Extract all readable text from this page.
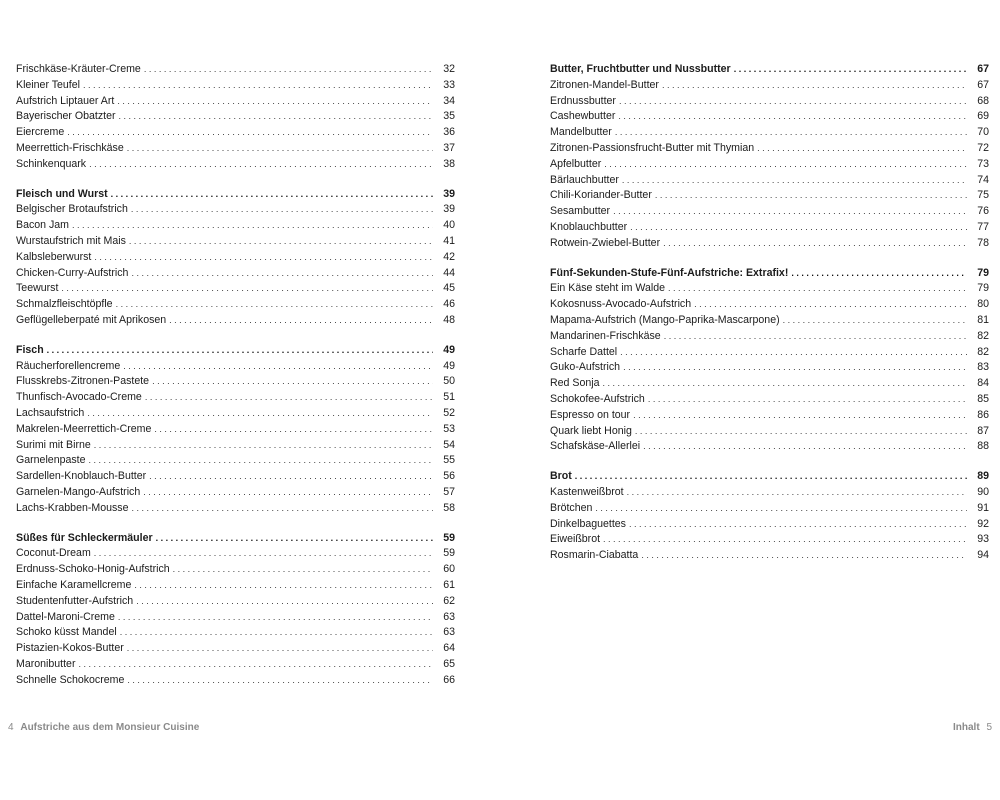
Frischkäse-Kräuter-Creme . . .	32
Kleiner Teufel . . .	33
Aufstrich Liptauer Art . . .	34
Bayerischer Obatzter . . .	35
Eiercreme . . .	36
Meerrettich-Frischkäse . . .	37
Schinkenquark . . .	38
Fleisch und Wurst . . .	39
Belgischer Brotaufstrich . . .	39
Bacon Jam . . .	40
Wurstaufstrich mit Mais . . .	41
Kalbsleberwurst . . .	42
Chicken-Curry-Aufstrich . . .	44
Teewurst . . .	45
Schmalzfleischtöpfle . . .	46
Geflügelleberpaté mit Aprikosen . . .	48
Fisch . . .	49
Räucherforellencreme . . .	49
Flusskrebs-Zitronen-Pastete . . .	50
Thunfisch-Avocado-Creme . . .	51
Lachsaufstrich . . .	52
Makrelen-Meerrettich-Creme . . .	53
Surimi mit Birne . . .	54
Garnelenpaste . . .	55
Sardellen-Knoblauch-Butter . . .	56
Garnelen-Mango-Aufstrich . . .	57
Lachs-Krabben-Mousse . . .	58
Süßes für Schleckermäuler . . .	59
Coconut-Dream . . .	59
Erdnuss-Schoko-Honig-Aufstrich . . .	60
Einfache Karamellcreme . . .	61
Studentenfutter-Aufstrich . . .	62
Dattel-Maroni-Creme . . .	63
Schoko küsst Mandel . . .	63
Pistazien-Kokos-Butter . . .	64
Maronibutter . . .	65
Schnelle Schokocreme . . .	66
Butter, Fruchtbutter und Nussbutter . . .	67
Zitronen-Mandel-Butter . . .	67
Erdnussbutter . . .	68
Cashewbutter . . .	69
Mandelbutter . . .	70
Zitronen-Passionsfrucht-Butter mit Thymian . . .	72
Apfelbutter . . .	73
Bärlauchbutter . . .	74
Chili-Koriander-Butter . . .	75
Sesambutter . . .	76
Knoblauchbutter . . .	77
Rotwein-Zwiebel-Butter . . .	78
Fünf-Sekunden-Stufe-Fünf-Aufstriche: Extrafix! . . .	79
Ein Käse steht im Walde . . .	79
Kokosnuss-Avocado-Aufstrich . . .	80
Mapama-Aufstrich (Mango-Paprika-Mascarpone) . . .	81
Mandarinen-Frischkäse . . .	82
Scharfe Dattel . . .	82
Guko-Aufstrich . . .	83
Red Sonja . . .	84
Schokofee-Aufstrich . . .	85
Espresso on tour . . .	86
Quark liebt Honig . . .	87
Schafskäse-Allerlei . . .	88
Brot . . .	89
Kastenweißbrot . . .	90
Brötchen . . .	91
Dinkelbaguettes . . .	92
Eiweißbrot . . .	93
Rosmarin-Ciabatta . . .	94
4 Aufstriche aus dem Monsieur Cuisine	Inhalt 5
